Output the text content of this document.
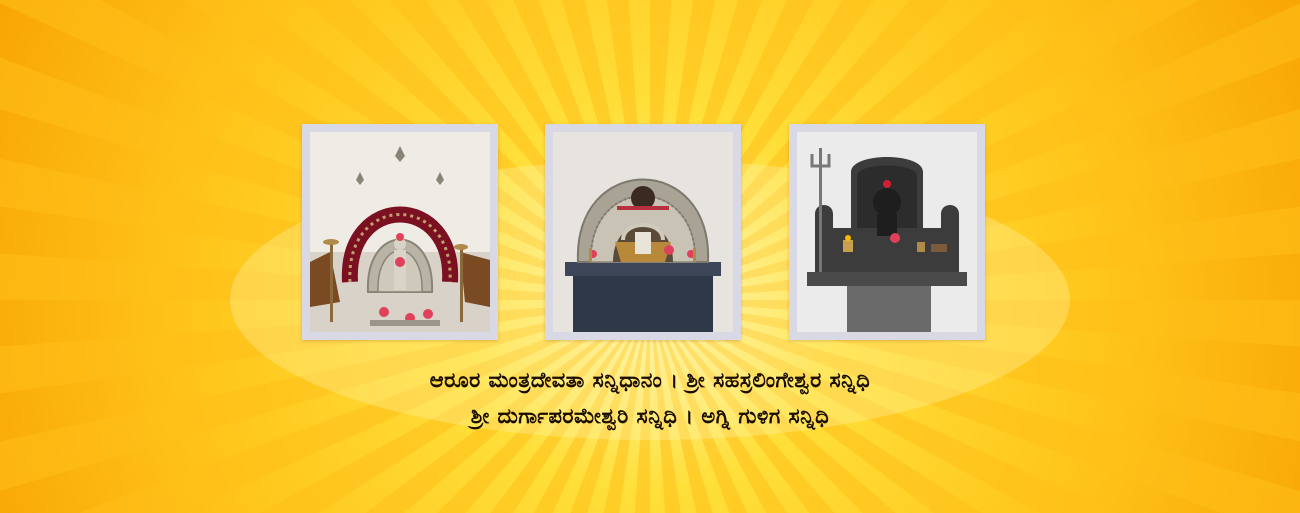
ಆರೂರ ಮಂತ್ರದೇವತಾ ಸನ್ನಿಧಾನಂ । ಶ್ರೀ ಸಹಸ್ರಲಿಂಗೇಶ್ವರ ಸನ್ನಿಧಿ
ಶ್ರೀ ದುರ್ಗಾಪರಮೇಶ್ವರಿ ಸನ್ನಿಧಿ । ಅಗ್ನಿ ಗುಳಿಗ ಸನ್ನಿಧಿ
